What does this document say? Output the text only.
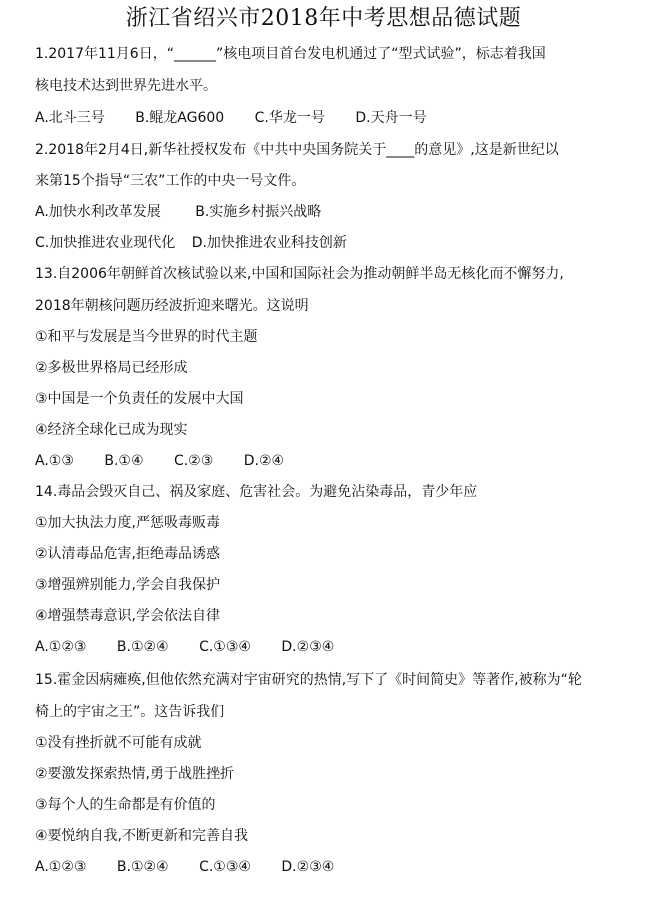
浙江省绍兴市2018年中考思想品德试题
1.2017年11月6日，“______”核电项目首台发电机通过了“型式试验”，标志着我国
核电技术达到世界先进水平。
A.北斗三号 B.鲲龙AG600 C.华龙一号 D.天舟一号
2.2018年2月4日,新华社授权发布《中共中央国务院关于____的意见》,这是新世纪以
来第15个指导“三农”工作的中央一号文件。
A.加快水利改革发展 B.实施乡村振兴战略
C.加快推进农业现代化 D.加快推进农业科技创新
13.自2006年朝鲜首次核试验以来,中国和国际社会为推动朝鲜半岛无核化而不懈努力,
2018年朝核问题历经波折迎来曙光。这说明
①和平与发展是当今世界的时代主题
②多极世界格局已经形成
③中国是一个负责任的发展中大国
④经济全球化已成为现实
A.①③ B.①④ C.②③ D.②④
14.毒品会毁灭自己、祸及家庭、危害社会。为避免沾染毒品，青少年应
①加大执法力度,严惩吸毒贩毒
②认清毒品危害,拒绝毒品诱惑
③增强辨别能力,学会自我保护
④增强禁毒意识,学会依法自律
A.①②③ B.①②④ C.①③④ D.②③④
15.霍金因病瘫痪,但他依然充满对宇宙研究的热情,写下了《时间简史》等著作,被称为“轮
椅上的宇宙之王”。这告诉我们
①没有挫折就不可能有成就
②要激发探索热情,勇于战胜挫折
③每个人的生命都是有价值的
④要悦纳自我,不断更新和完善自我
A.①②③ B.①②④ C.①③④ D.②③④
